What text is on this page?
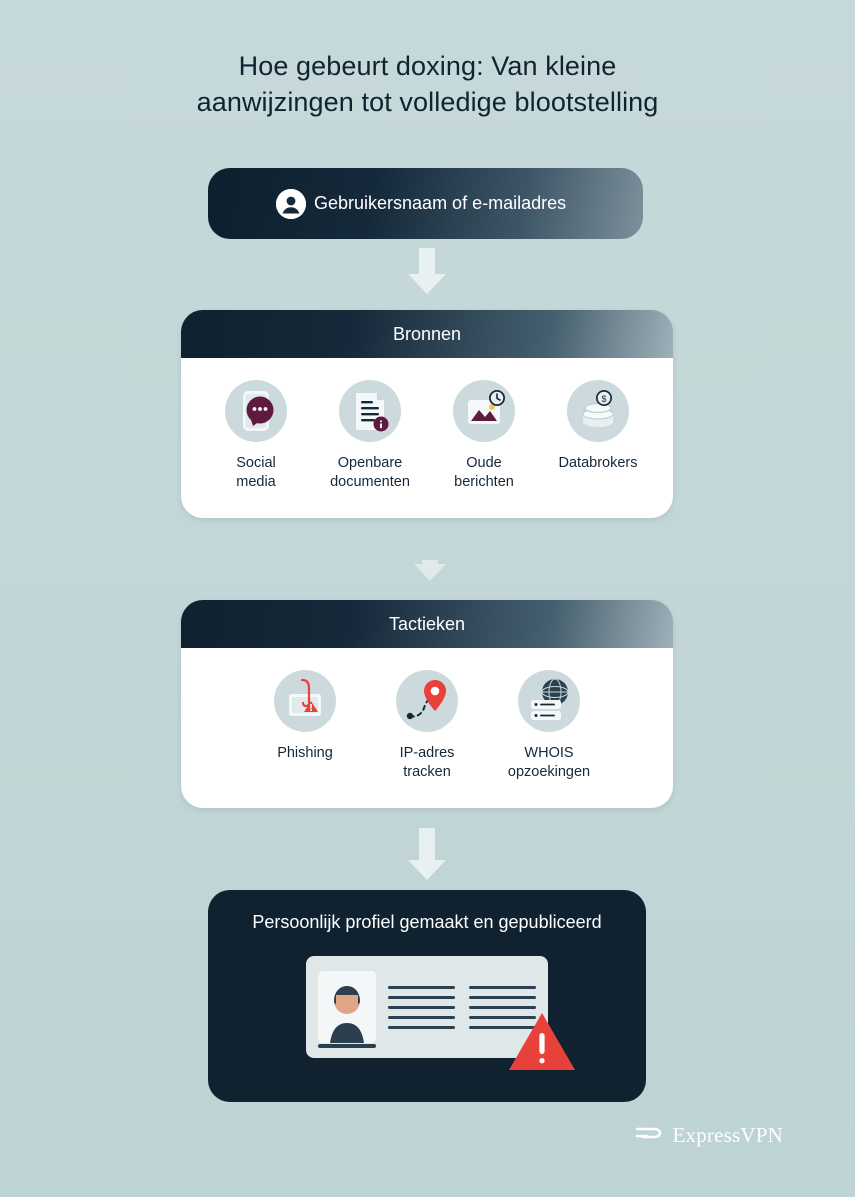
Hoe gebeurt doxing: Van kleine
aanwijzingen tot volledige blootstelling
Gebruikersnaam of e-mailadres
Bronnen
Social
media
Openbare
documenten
Oude
berichten
$
Databrokers
Tactieken
Phishing	IP-adres
tracken
WHOIS
opzoekingen
Persoonlijk profiel gemaakt en gepubliceerd
ExpressVPN
